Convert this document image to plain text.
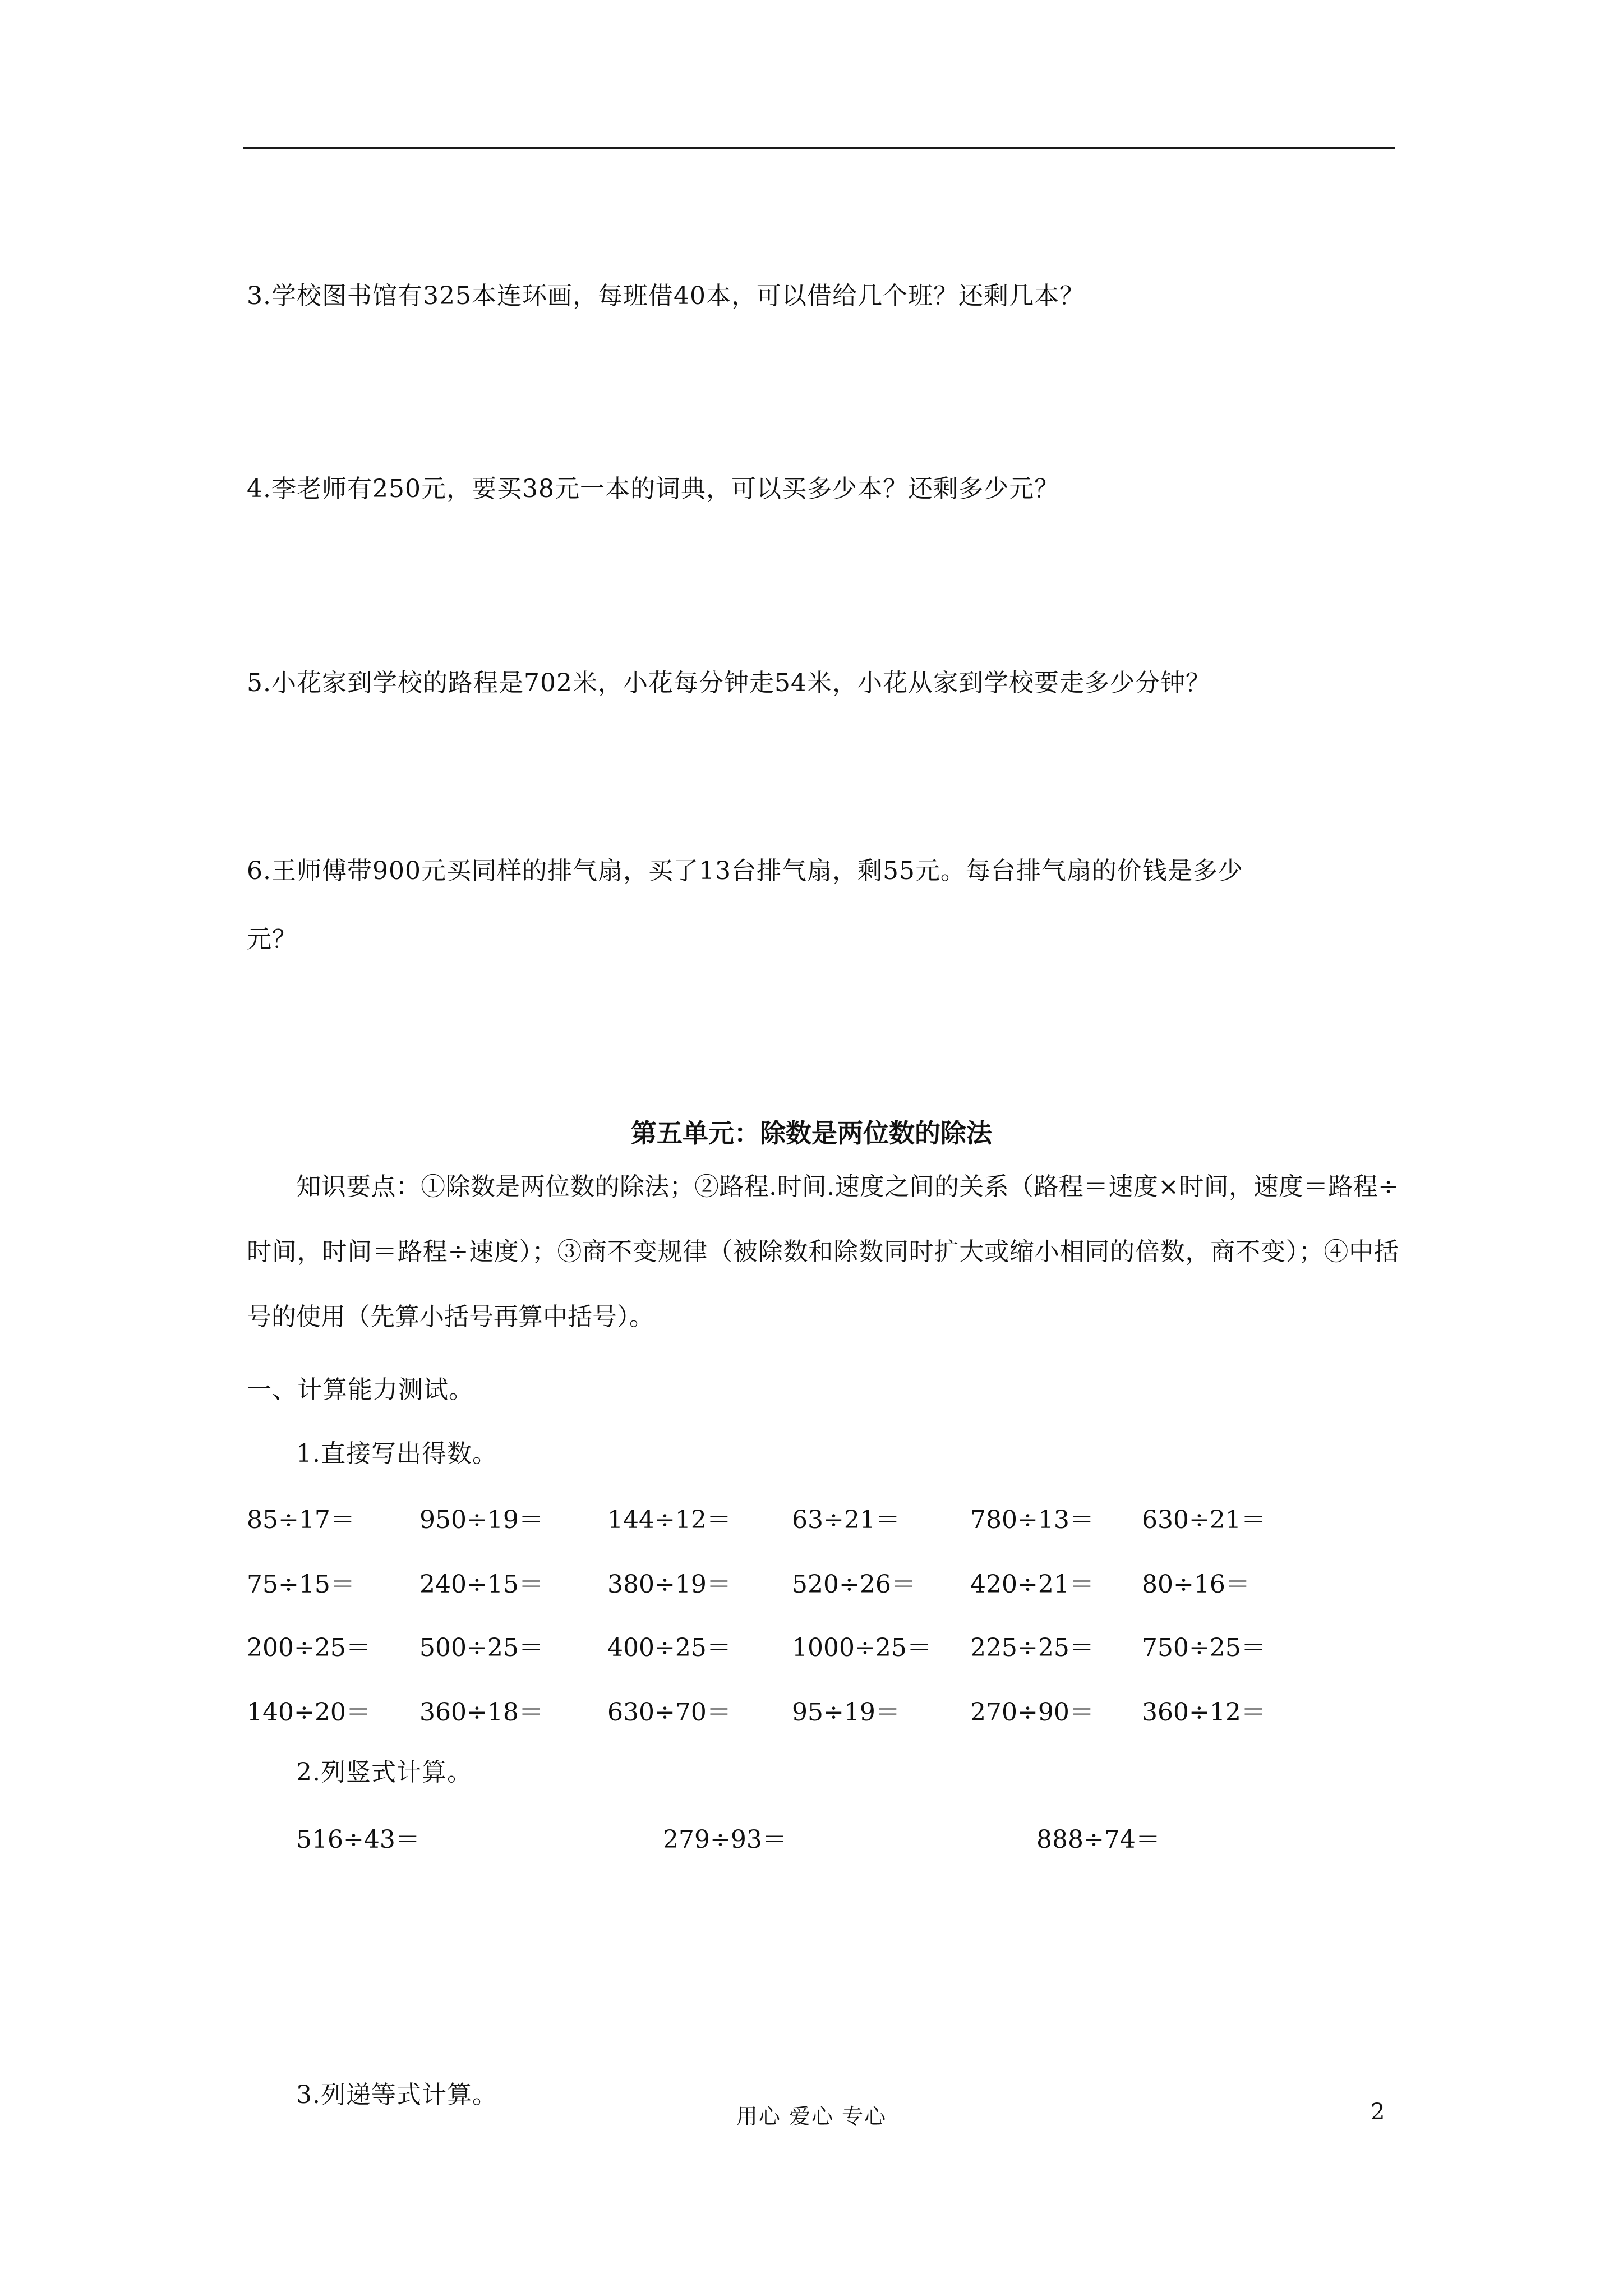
3.学校图书馆有325本连环画，每班借40本，可以借给几个班？还剩几本？
4.李老师有250元，要买38元一本的词典，可以买多少本？还剩多少元？
5.小花家到学校的路程是702米，小花每分钟走54米，小花从家到学校要走多少分钟？
6.王师傅带900元买同样的排气扇，买了13台排气扇，剩55元。每台排气扇的价钱是多少
元？
第五单元：除数是两位数的除法
知识要点：①除数是两位数的除法；②路程.时间.速度之间的关系（路程＝速度×时间，速度＝路程÷时间，时间＝路程÷速度）；③商不变规律（被除数和除数同时扩大或缩小相同的倍数，商不变）；④中括号的使用（先算小括号再算中括号）。
一、计算能力测试。
1.直接写出得数。
85÷17＝	950÷19＝	144÷12＝ 63÷21＝	780÷13＝ 630÷21＝
75÷15＝	240÷15＝	380÷19＝ 520÷26＝ 420÷21＝ 80÷16＝
200÷25＝ 500÷25＝	400÷25＝ 1000÷25＝ 225÷25＝ 750÷25＝
140÷20＝ 360÷18＝	630÷70＝ 95÷19＝	270÷90＝ 360÷12＝
2.列竖式计算。
516÷43＝	279÷93＝	888÷74＝
3.列递等式计算。
用心 爱心 专心	2
